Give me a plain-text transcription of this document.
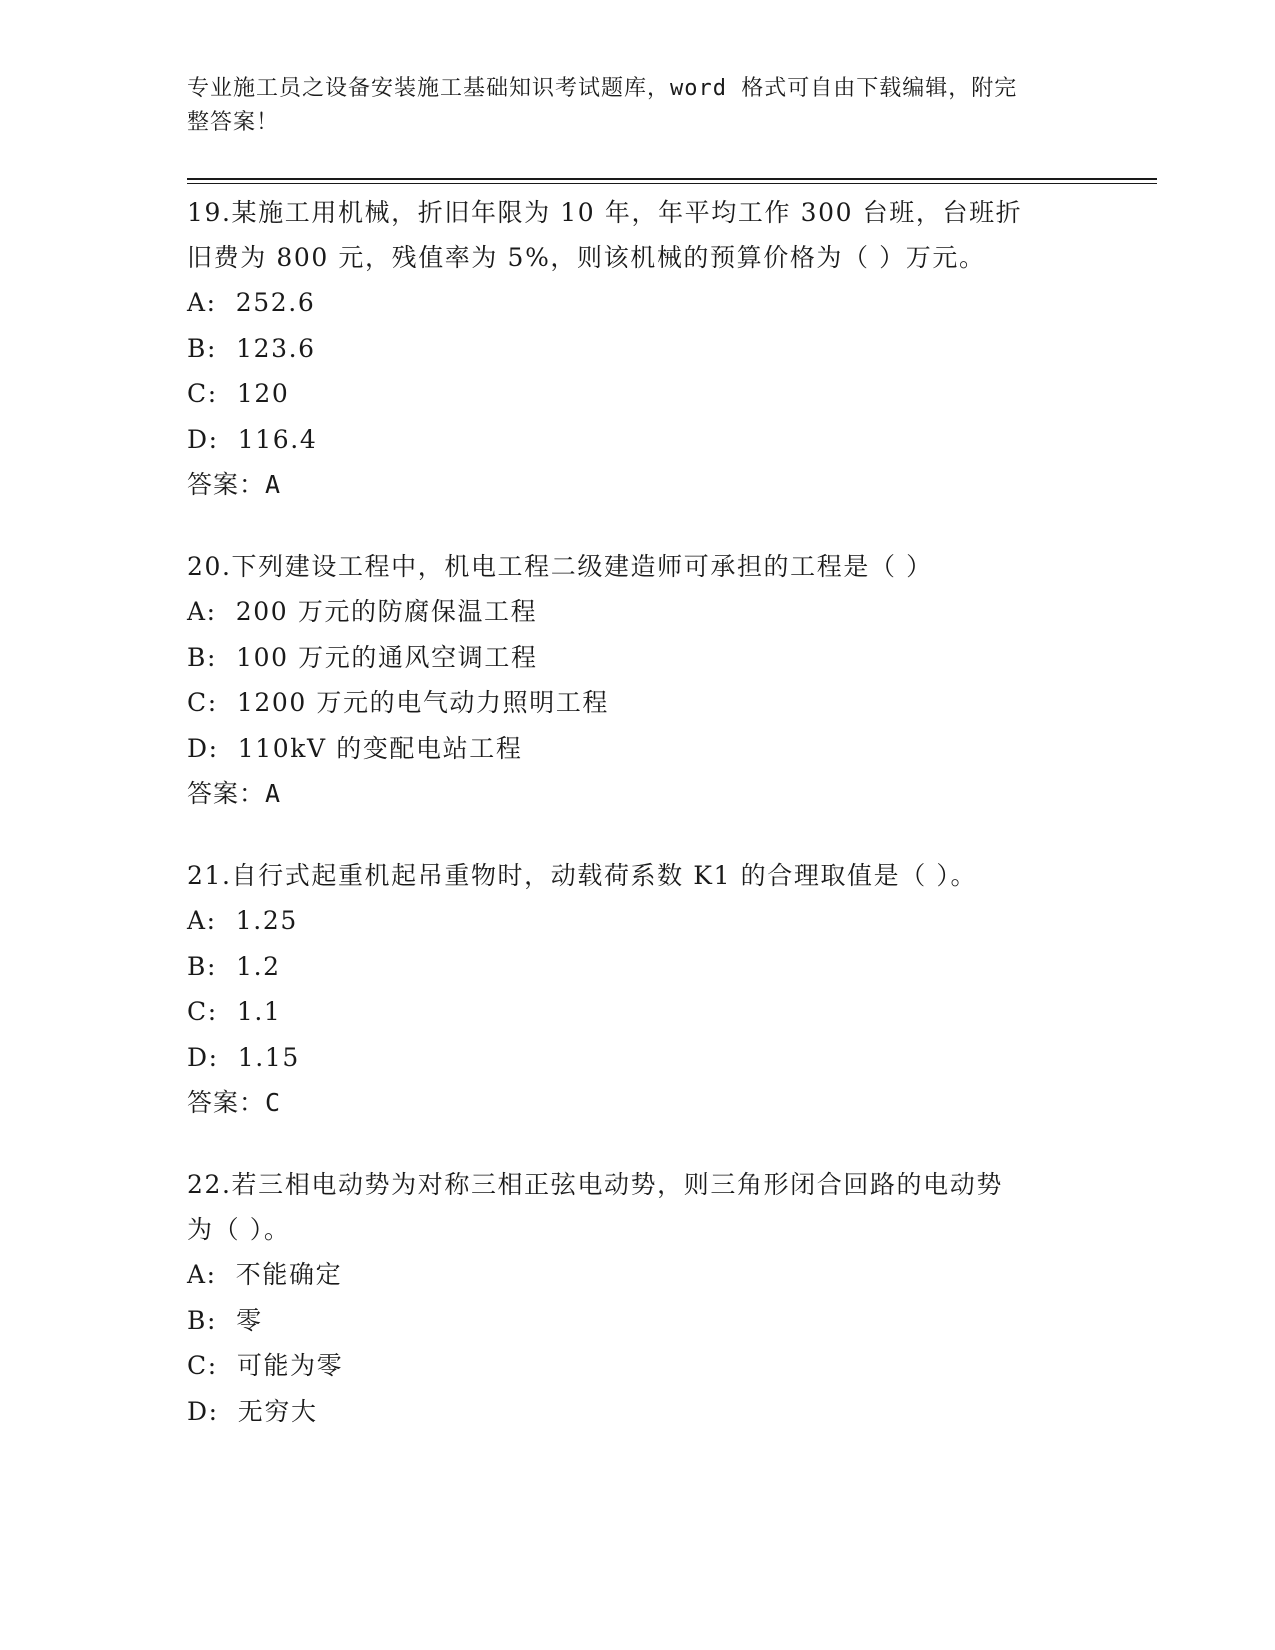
专业施工员之设备安装施工基础知识考试题库，word 格式可自由下载编辑，附完
整答案！
19.某施工用机械，折旧年限为 10 年，年平均工作 300 台班，台班折
旧费为 800 元，残值率为 5%，则该机械的预算价格为（ ）万元。
A:  252.6
B:  123.6
C:  120
D:  116.4
答案：A
20.下列建设工程中，机电工程二级建造师可承担的工程是（ ）
A:  200 万元的防腐保温工程
B:  100 万元的通风空调工程
C:  1200 万元的电气动力照明工程
D:  110kV 的变配电站工程
答案：A
21.自行式起重机起吊重物时，动载荷系数 K1 的合理取值是（ ）。
A:  1.25
B:  1.2
C:  1.1
D:  1.15
答案：C
22.若三相电动势为对称三相正弦电动势，则三角形闭合回路的电动势
为（ ）。
A:  不能确定
B:  零
C:  可能为零
D:  无穷大
